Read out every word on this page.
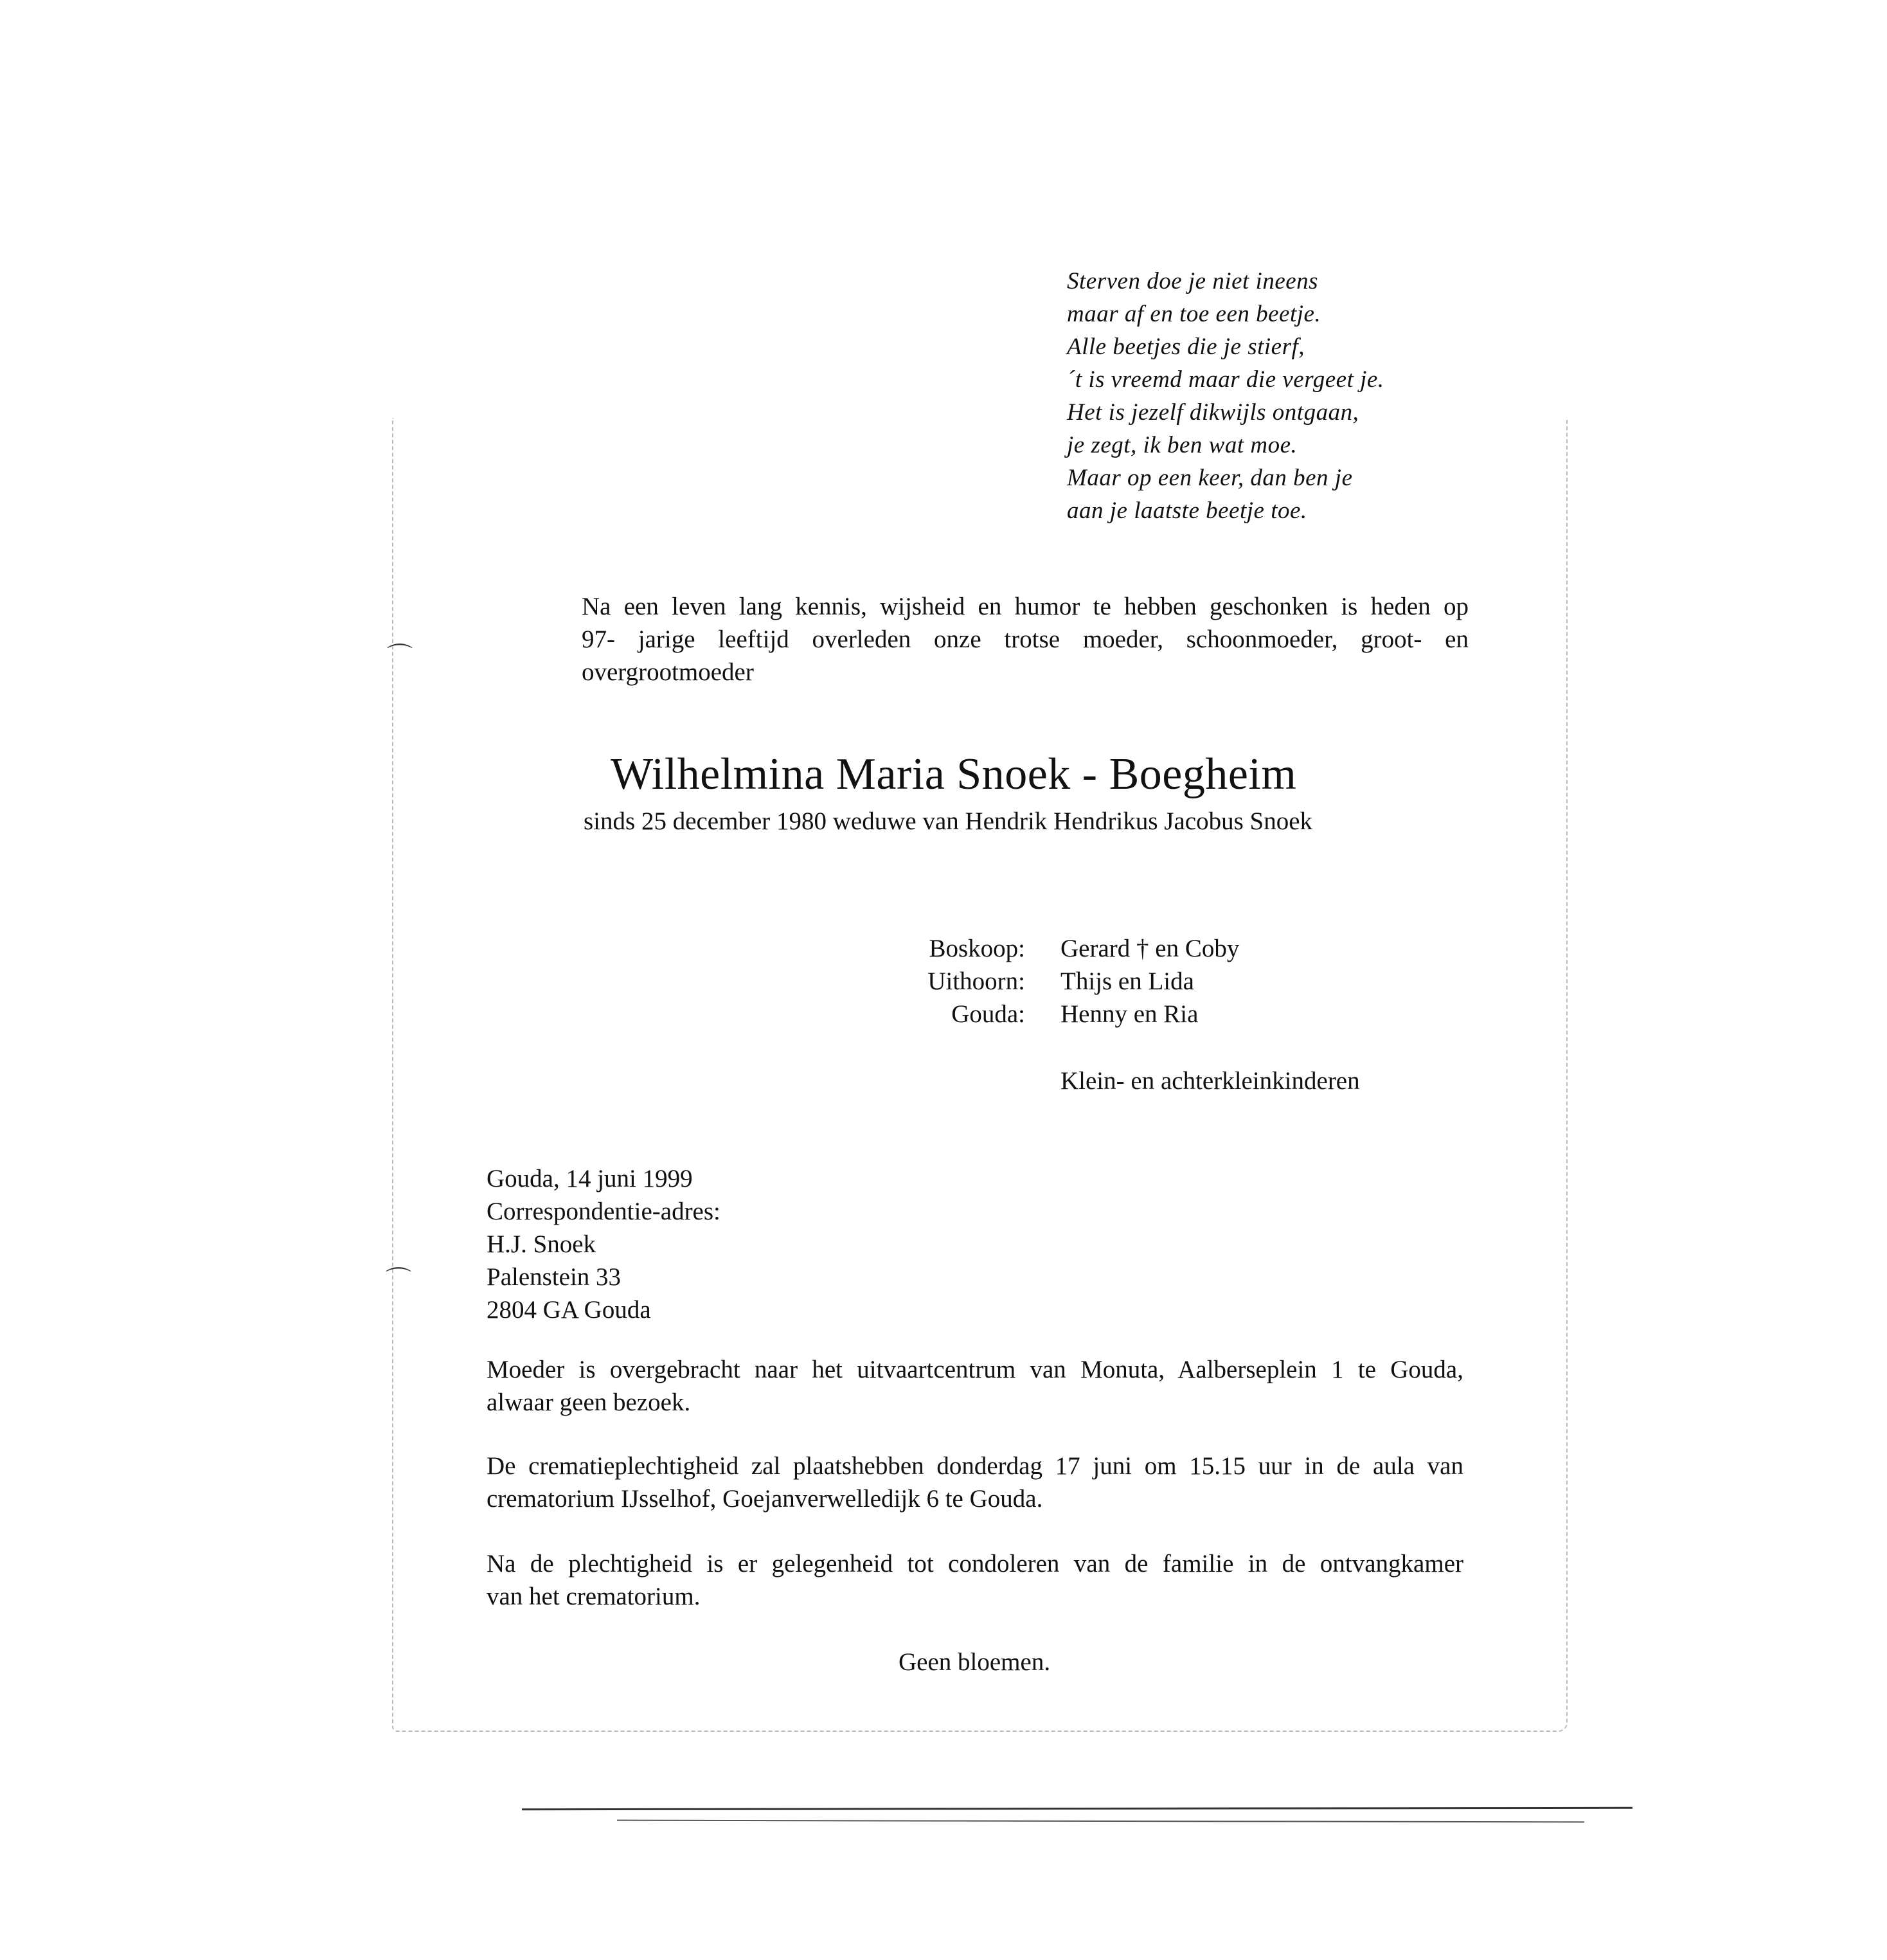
⌒
⌒
Sterven doe je niet ineens
maar af en toe een beetje.
Alle beetjes die je stierf,
´t is vreemd maar die vergeet je.
Het is jezelf dikwijls ontgaan,
je zegt, ik ben wat moe.
Maar op een keer, dan ben je
aan je laatste beetje toe.
Na een leven lang kennis, wijsheid en humor te hebben geschonken is heden op
97- jarige leeftijd overleden onze trotse moeder, schoonmoeder, groot- en
overgrootmoeder
Wilhelmina Maria Snoek - Boegheim
sinds 25 december 1980 weduwe van Hendrik Hendrikus Jacobus Snoek
Boskoop: Gerard † en Coby
Uithoorn: Thijs en Lida
Gouda: Henny en Ria
Klein- en achterkleinkinderen
Gouda, 14 juni 1999
Correspondentie-adres:
H.J. Snoek
Palenstein 33
2804 GA Gouda
Moeder is overgebracht naar het uitvaartcentrum van Monuta, Aalberseplein 1 te Gouda,
alwaar geen bezoek.
De crematieplechtigheid zal plaatshebben donderdag 17 juni om 15.15 uur in de aula van
crematorium IJsselhof, Goejanverwelledijk 6 te Gouda.
Na de plechtigheid is er gelegenheid tot condoleren van de familie in de ontvangkamer
van het crematorium.
Geen bloemen.
